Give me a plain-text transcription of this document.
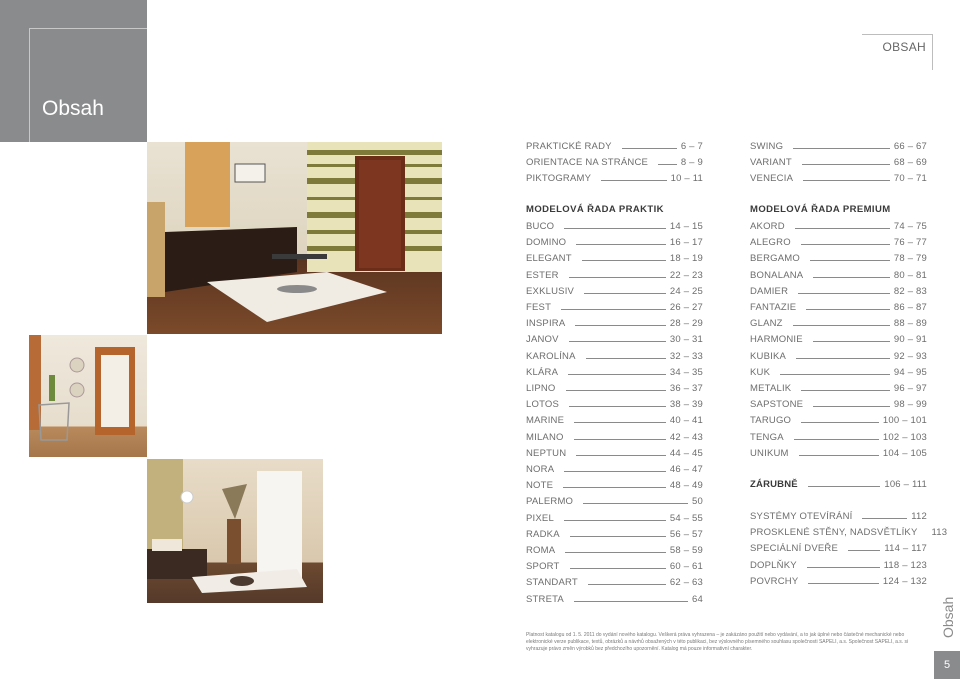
Obsah
OBSAH
PRAKTICKÉ RADY	6 – 7
ORIENTACE NA STRÁNCE	8 – 9
PIKTOGRAMY	10 – 11
MODELOVÁ ŘADA PRAKTIK
BUCO	14 – 15
DOMINO	16 – 17
ELEGANT	18 – 19
ESTER	22 – 23
EXKLUSIV	24 – 25
FEST	26 – 27
INSPIRA	28 – 29
JANOV	30 – 31
KAROLÍNA	32 – 33
KLÁRA	34 – 35
LIPNO	36 – 37
LOTOS	38 – 39
MARINE	40 – 41
MILANO	42 – 43
NEPTUN	44 – 45
NORA	46 – 47
NOTE	48 – 49
PALERMO	50
PIXEL	54 – 55
RADKA	56 – 57
ROMA	58 – 59
SPORT	60 – 61
STANDART	62 – 63
STRETA	64
SWING	66 – 67
VARIANT	68 – 69
VENECIA	70 – 71
MODELOVÁ ŘADA PREMIUM
AKORD	74 – 75
ALEGRO	76 – 77
BERGAMO	78 – 79
BONALANA	80 – 81
DAMIER	82 – 83
FANTAZIE	86 – 87
GLANZ	88 – 89
HARMONIE	90 – 91
KUBIKA	92 – 93
KUK	94 – 95
METALIK	96 – 97
SAPSTONE	98 – 99
TARUGO	100 – 101
TENGA	102 – 103
UNIKUM	104 – 105
ZÁRUBNĚ	106 – 111
SYSTÉMY OTEVÍRÁNÍ	112
PROSKLENÉ STĚNY, NADSVĚTLÍKY 113
SPECIÁLNÍ DVEŘE	114 – 117
DOPLŇKY	118 – 123
POVRCHY	124 – 132
Platnost katalogu od 1. 5. 2011 do vydání nového katalogu. Veškerá práva vyhrazena – je zakázáno použití nebo vydávání, a to jak úplné nebo částečné mechanické nebo elektronické verze publikace, textů, obrázků a návrhů obsažených v této publikaci, bez výslovného písemného souhlasu společnosti SAPELI, a.s. Společnost SAPELI, a.s. si vyhrazuje právo změn výrobků bez předchozího upozornění. Katalog má pouze informativní charakter.
Obsah
5
